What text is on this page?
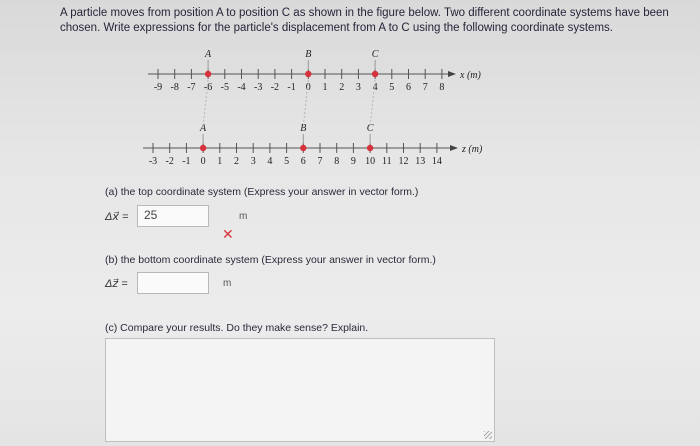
A particle moves from position A to position C as shown in the figure below. Two different coordinate systems have been
chosen. Write expressions for the particle's displacement from A to C using the following coordinate systems.
-9 -8 -7 -6 -5 -4 -3 -2 -1 0 1 2 3 4 5 6 7 8
x (m)
A	B	C
-3 -2 -1 0 1 2 3 4 5 6 7 8 9 10 11 12 13 14
z (m)
A	B	C
(a) the top coordinate system (Express your answer in vector form.)
Δx⃗ =	25	m
✕
(b) the bottom coordinate system (Express your answer in vector form.)
Δz⃗ =	m
(c) Compare your results. Do they make sense? Explain.
